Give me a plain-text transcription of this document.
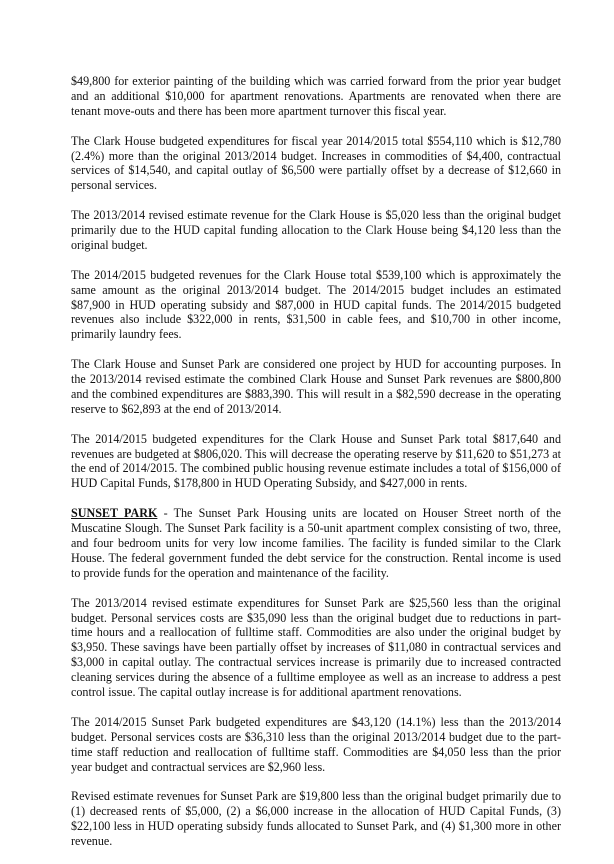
$49,800 for exterior painting of the building which was carried forward from the prior year budget and an additional $10,000 for apartment renovations. Apartments are renovated when there are tenant move-outs and there has been more apartment turnover this fiscal year.

The Clark House budgeted expenditures for fiscal year 2014/2015 total $554,110 which is $12,780 (2.4%) more than the original 2013/2014 budget. Increases in commodities of $4,400, contractual services of $14,540, and capital outlay of $6,500 were partially offset by a decrease of $12,660 in personal services.

The 2013/2014 revised estimate revenue for the Clark House is $5,020 less than the original budget primarily due to the HUD capital funding allocation to the Clark House being $4,120 less than the original budget.

The 2014/2015 budgeted revenues for the Clark House total $539,100 which is approximately the same amount as the original 2013/2014 budget. The 2014/2015 budget includes an estimated $87,900 in HUD operating subsidy and $87,000 in HUD capital funds. The 2014/2015 budgeted revenues also include $322,000 in rents, $31,500 in cable fees, and $10,700 in other income, primarily laundry fees.

The Clark House and Sunset Park are considered one project by HUD for accounting purposes. In the 2013/2014 revised estimate the combined Clark House and Sunset Park revenues are $800,800 and the combined expenditures are $883,390. This will result in a $82,590 decrease in the operating reserve to $62,893 at the end of 2013/2014.

The 2014/2015 budgeted expenditures for the Clark House and Sunset Park total $817,640 and revenues are budgeted at $806,020. This will decrease the operating reserve by $11,620 to $51,273 at the end of 2014/2015. The combined public housing revenue estimate includes a total of $156,000 of HUD Capital Funds, $178,800 in HUD Operating Subsidy, and $427,000 in rents.

SUNSET PARK - The Sunset Park Housing units are located on Houser Street north of the Muscatine Slough. The Sunset Park facility is a 50-unit apartment complex consisting of two, three, and four bedroom units for very low income families. The facility is funded similar to the Clark House. The federal government funded the debt service for the construction. Rental income is used to provide funds for the operation and maintenance of the facility.

The 2013/2014 revised estimate expenditures for Sunset Park are $25,560 less than the original budget. Personal services costs are $35,090 less than the original budget due to reductions in part-time hours and a reallocation of fulltime staff. Commodities are also under the original budget by $3,950. These savings have been partially offset by increases of $11,080 in contractual services and $3,000 in capital outlay. The contractual services increase is primarily due to increased contracted cleaning services during the absence of a fulltime employee as well as an increase to address a pest control issue. The capital outlay increase is for additional apartment renovations.

The 2014/2015 Sunset Park budgeted expenditures are $43,120 (14.1%) less than the 2013/2014 budget. Personal services costs are $36,310 less than the original 2013/2014 budget due to the part-time staff reduction and reallocation of fulltime staff. Commodities are $4,050 less than the prior year budget and contractual services are $2,960 less.

Revised estimate revenues for Sunset Park are $19,800 less than the original budget primarily due to (1) decreased rents of $5,000, (2) a $6,000 increase in the allocation of HUD Capital Funds, (3) $22,100 less in HUD operating subsidy funds allocated to Sunset Park, and (4) $1,300 more in other revenue.
